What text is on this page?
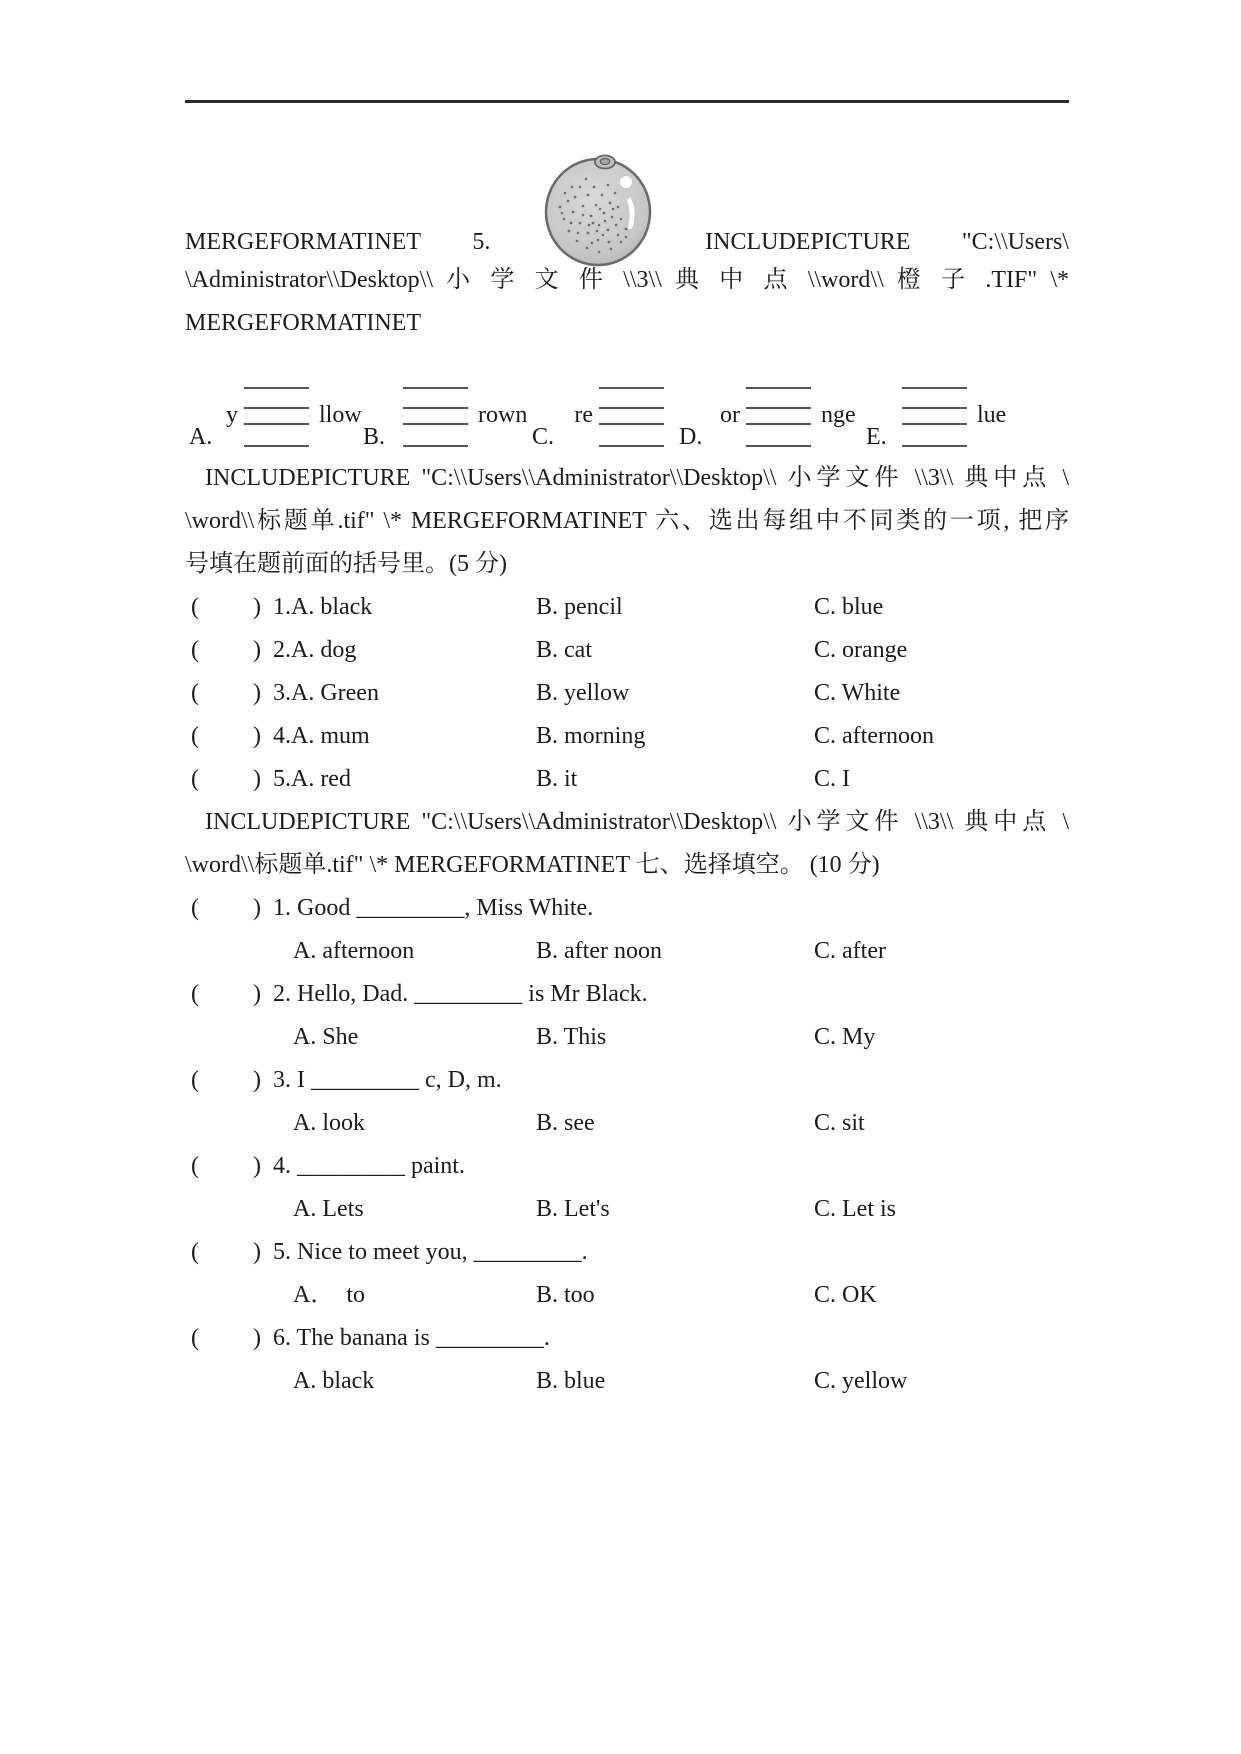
MERGEFORMATINET 5.	INCLUDEPICTURE "C:\\Users\
\Administrator\\Desktop\\ 小 学 文 件 \\3\\ 典 中 点 \\word\\ 橙 子 .TIF" \*
MERGEFORMATINET
y	llow
A.
rown
B.
re
C.
or	nge
D.
lue
E.
INCLUDEPICTURE "C:\\Users\\Administrator\\Desktop\\ 小学文件 \\3\\ 典中点 \
\word\\标题单.tif" \* MERGEFORMATINET 六、选出每组中不同类的一项, 把序
号填在题前面的括号里。(5 分)
(         )  1.A. black	B. pencil	C. blue
(         )  2.A. dog	B. cat	C. orange
(         )  3.A. Green	B. yellow	C. White
(         )  4.A. mum	B. morning	C. afternoon
(         )  5.A. red	B. it	C. I
INCLUDEPICTURE "C:\\Users\\Administrator\\Desktop\\ 小学文件 \\3\\ 典中点 \
\word\\标题单.tif" \* MERGEFORMATINET 七、选择填空。 (10 分)
(         )  1. Good _________, Miss White.
A. afternoon	B. after noon	C. after
(         )  2. Hello, Dad. _________ is Mr Black.
A. She	B. This	C. My
(         )  3. I _________ c, D, m.
A. look	B. see	C. sit
(         )  4. _________ paint.
A. Lets	B. Let's	C. Let is
(         )  5. Nice to meet you, _________.
A．  to	B. too	C. OK
(         )  6. The banana is _________.
A. black	B. blue	C. yellow
